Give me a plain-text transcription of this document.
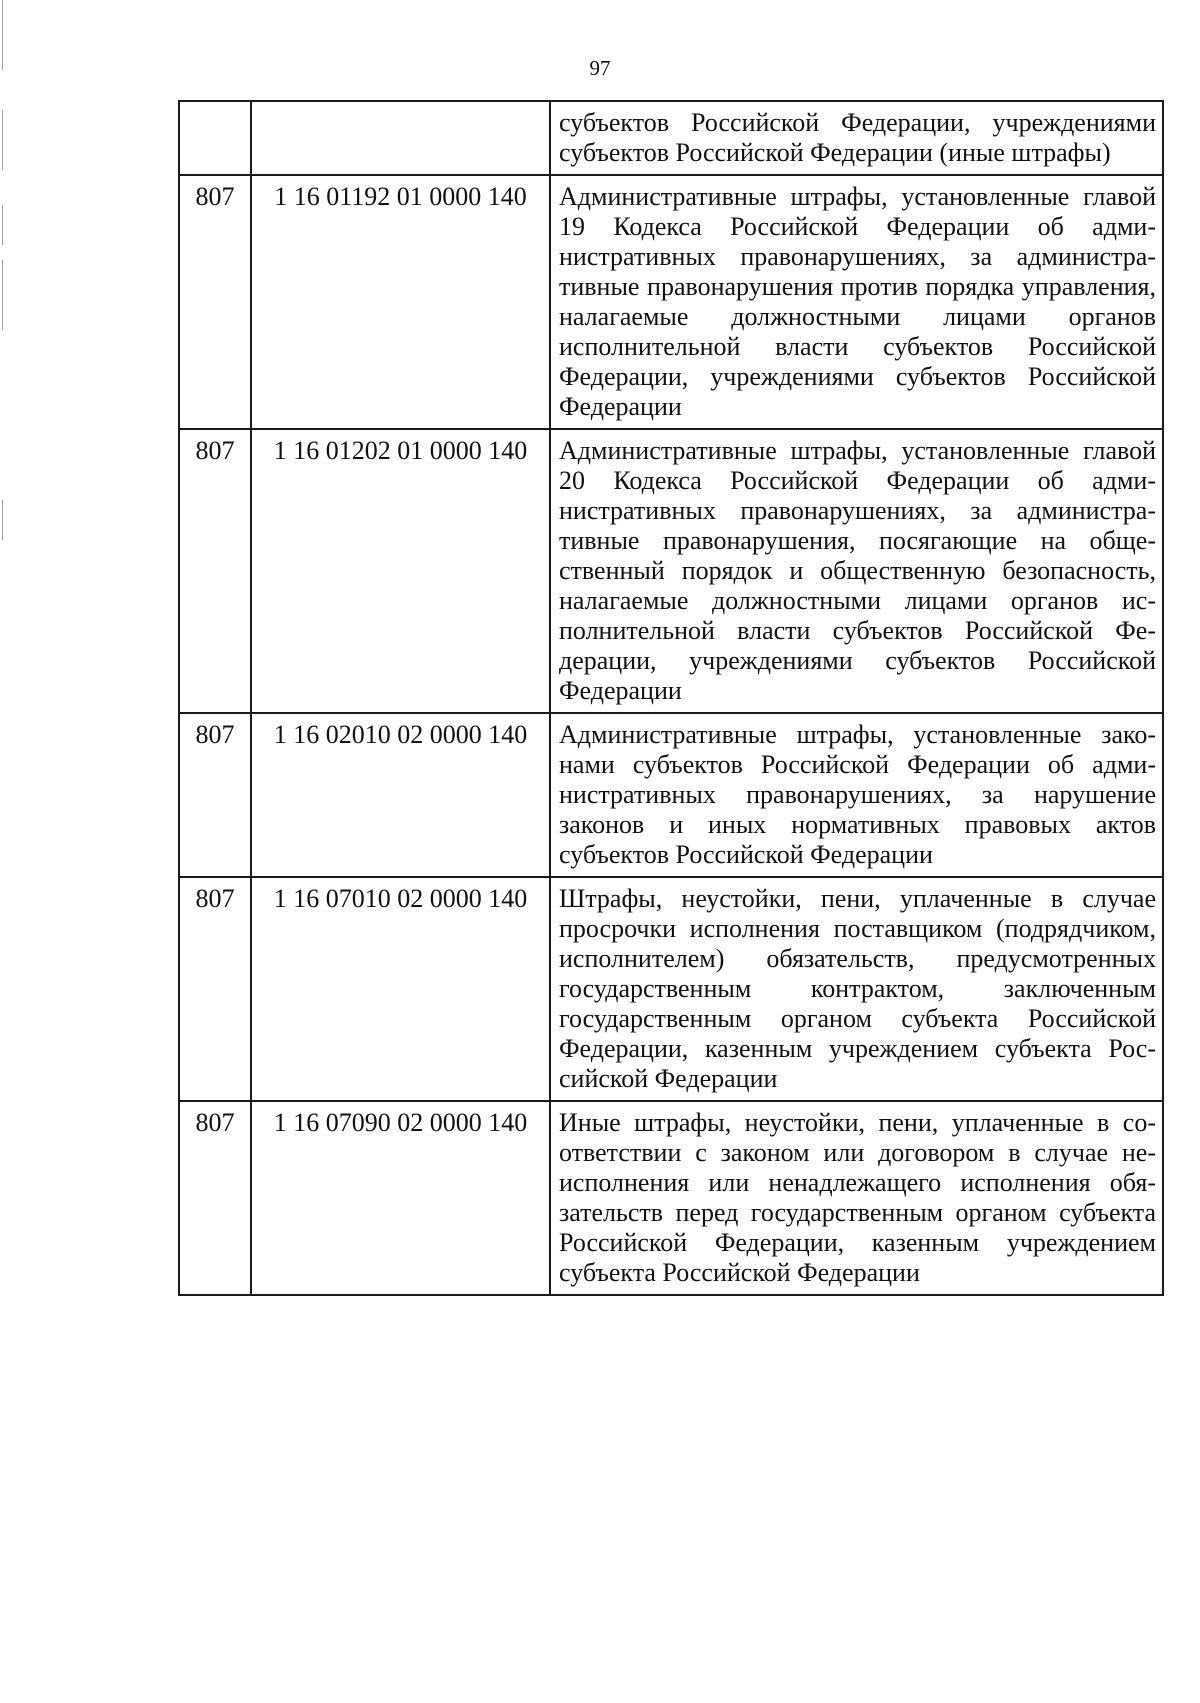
97
		субъектов Российской Федерации, учреждениями субъектов Российской Федерации (иные штрафы)
807	1 16 01192 01 0000 140	Административные штрафы, установленные главой 19 Кодекса Российской Федерации об административных правонарушениях, за административные правонарушения против порядка управления, налагаемые должностными лицами органов исполнительной власти субъектов Российской Федерации, учреждениями субъектов Российской Федерации
807	1 16 01202 01 0000 140	Административные штрафы, установленные главой 20 Кодекса Российской Федерации об административных правонарушениях, за административные правонарушения, посягающие на общественный порядок и общественную безопасность, налагаемые должностными лицами органов исполнительной власти субъектов Российской Федерации, учреждениями субъектов Российской Федерации
807	1 16 02010 02 0000 140	Административные штрафы, установленные законами субъектов Российской Федерации об административных правонарушениях, за нарушение законов и иных нормативных правовых актов субъектов Российской Федерации
807	1 16 07010 02 0000 140	Штрафы, неустойки, пени, уплаченные в случае просрочки исполнения поставщиком (подрядчиком, исполнителем) обязательств, предусмотренных государственным контрактом, заключенным государственным органом субъекта Российской Федерации, казенным учреждением субъекта Российской Федерации
807	1 16 07090 02 0000 140	Иные штрафы, неустойки, пени, уплаченные в соответствии с законом или договором в случае неисполнения или ненадлежащего исполнения обязательств перед государственным органом субъекта Российской Федерации, казенным учреждением субъекта Российской Федерации
